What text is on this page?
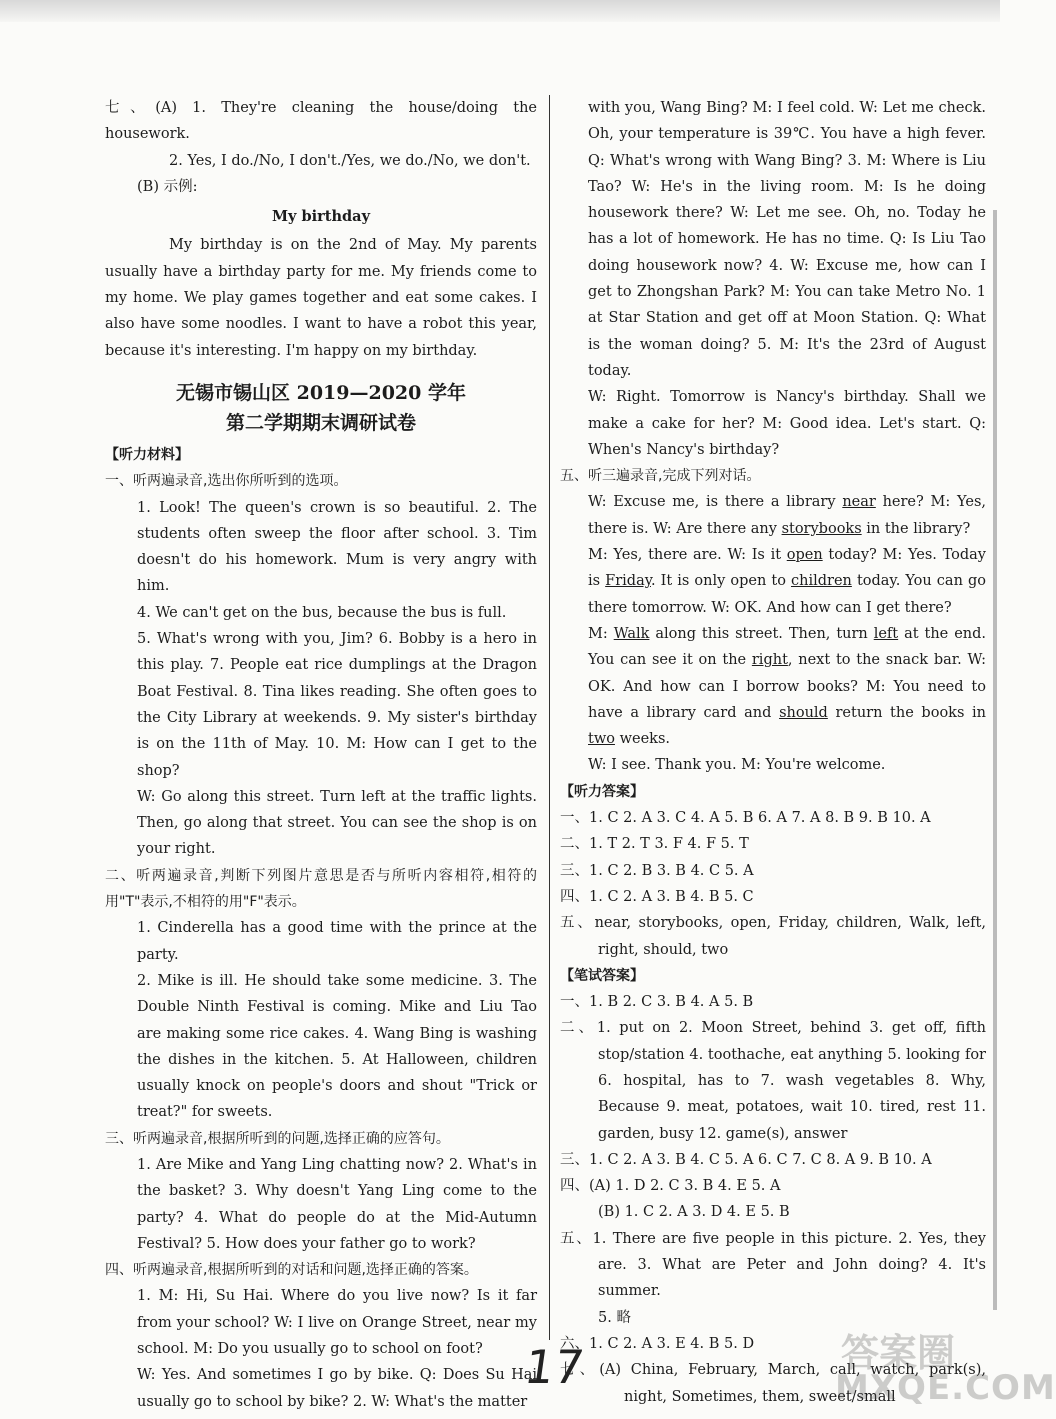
七、(A) 1. They're cleaning the house/doing the housework.

2. Yes, I do./No, I don't./Yes, we do./No, we don't.

(B) 示例:

My birthday

My birthday is on the 2nd of May. My parents usually have a birthday party for me. My friends come to my home. We play games together and eat some cakes. I also have some noodles. I want to have a robot this year, because it's interesting. I'm happy on my birthday.

无锡市锡山区 2019—2020 学年

第二学期期末调研试卷

【听力材料】

一、听两遍录音,选出你所听到的选项。

1. Look! The queen's crown is so beautiful. 2. The students often sweep the floor after school. 3. Tim doesn't do his homework. Mum is very angry with him.

4. We can't get on the bus, because the bus is full.

5. What's wrong with you, Jim? 6. Bobby is a hero in this play. 7. People eat rice dumplings at the Dragon Boat Festival. 8. Tina likes reading. She often goes to the City Library at weekends. 9. My sister's birthday is on the 11th of May. 10. M: How can I get to the shop?

W: Go along this street. Turn left at the traffic lights. Then, go along that street. You can see the shop is on your right.

二、听两遍录音,判断下列图片意思是否与所听内容相符,相符的用"T"表示,不相符的用"F"表示。

1. Cinderella has a good time with the prince at the party.

2. Mike is ill. He should take some medicine. 3. The Double Ninth Festival is coming. Mike and Liu Tao are making some rice cakes. 4. Wang Bing is washing the dishes in the kitchen. 5. At Halloween, children usually knock on people's doors and shout "Trick or treat?" for sweets.

三、听两遍录音,根据所听到的问题,选择正确的应答句。

1. Are Mike and Yang Ling chatting now? 2. What's in the basket? 3. Why doesn't Yang Ling come to the party? 4. What do people do at the Mid-Autumn Festival? 5. How does your father go to work?

四、听两遍录音,根据所听到的对话和问题,选择正确的答案。

1. M: Hi, Su Hai. Where do you live now? Is it far from your school? W: I live on Orange Street, near my school. M: Do you usually go to school on foot?

W: Yes. And sometimes I go by bike. Q: Does Su Hai usually go to school by bike? 2. W: What's the matter

with you, Wang Bing? M: I feel cold. W: Let me check. Oh, your temperature is 39℃. You have a high fever. Q: What's wrong with Wang Bing? 3. M: Where is Liu Tao? W: He's in the living room. M: Is he doing housework there? W: Let me see. Oh, no. Today he has a lot of homework. He has no time. Q: Is Liu Tao doing housework now? 4. W: Excuse me, how can I get to Zhongshan Park? M: You can take Metro No. 1 at Star Station and get off at Moon Station. Q: What is the woman doing? 5. M: It's the 23rd of August today.

W: Right. Tomorrow is Nancy's birthday. Shall we make a cake for her? M: Good idea. Let's start. Q: When's Nancy's birthday?

五、听三遍录音,完成下列对话。

W: Excuse me, is there a library near here? M: Yes, there is. W: Are there any storybooks in the library?

M: Yes, there are. W: Is it open today? M: Yes. Today is Friday. It is only open to children today. You can go there tomorrow. W: OK. And how can I get there?

M: Walk along this street. Then, turn left at the end. You can see it on the right, next to the snack bar. W: OK. And how can I borrow books? M: You need to have a library card and should return the books in two weeks.

W: I see. Thank you. M: You're welcome.

【听力答案】

一、1. C 2. A 3. C 4. A 5. B 6. A 7. A 8. B 9. B 10. A

二、1. T 2. T 3. F 4. F 5. T

三、1. C 2. B 3. B 4. C 5. A

四、1. C 2. A 3. B 4. B 5. C

五、near, storybooks, open, Friday, children, Walk, left, right, should, two

【笔试答案】

一、1. B 2. C 3. B 4. A 5. B

二、1. put on 2. Moon Street, behind 3. get off, fifth stop/station 4. toothache, eat anything 5. looking for 6. hospital, has to 7. wash vegetables 8. Why, Because 9. meat, potatoes, wait 10. tired, rest 11. garden, busy 12. game(s), answer

三、1. C 2. A 3. B 4. C 5. A 6. C 7. C 8. A 9. B 10. A

四、(A) 1. D 2. C 3. B 4. E 5. A

(B) 1. C 2. A 3. D 4. E 5. B

五、1. There are five people in this picture. 2. Yes, they are. 3. What are Peter and John doing? 4. It's summer.

5. 略

六、1. C 2. A 3. E 4. B 5. D

七、(A) China, February, March, call, watch, park(s), night, Sometimes, them, sweet/small

17	答案圈
MXQE.COM
